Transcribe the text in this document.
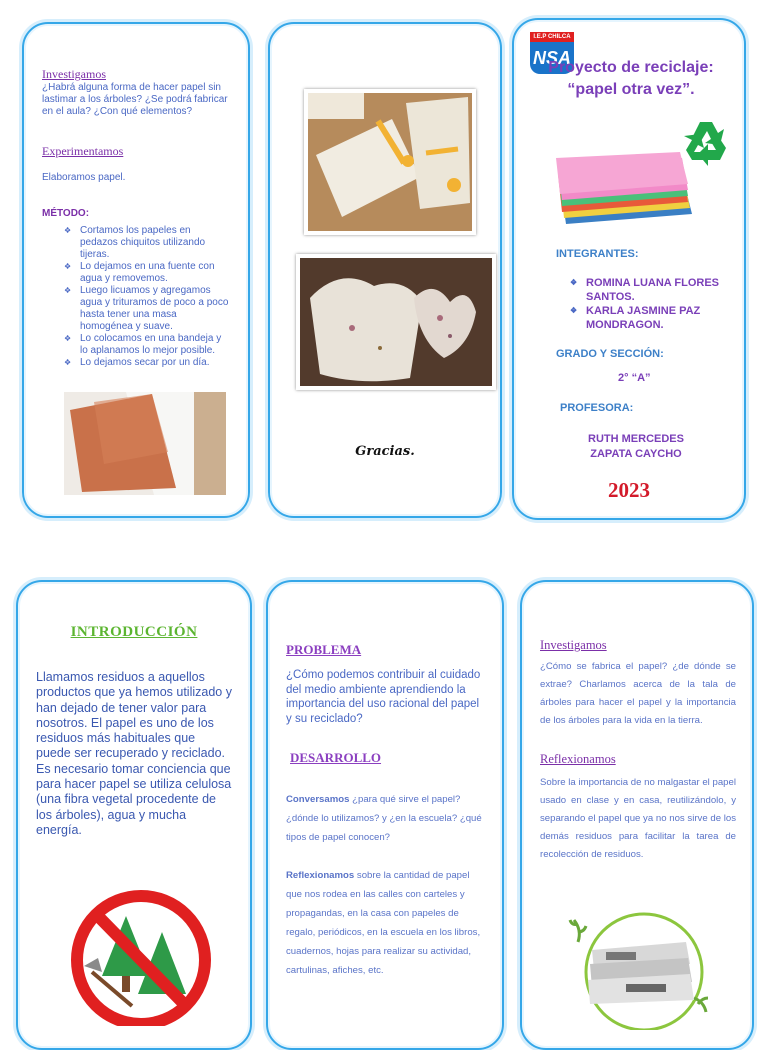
Investigamos
¿Habrá alguna forma de hacer papel sin lastimar a los árboles? ¿Se podrá fabricar en el aula? ¿Con qué elementos?
Experimentamos
Elaboramos papel.
MÉTODO:
❖ Cortamos los papeles en pedazos chiquitos utilizando tijeras.
❖ Lo dejamos en una fuente con agua y removemos.
❖ Luego licuamos y agregamos agua y trituramos de poco a poco hasta tener una masa homogénea y suave.
❖ Lo colocamos en una bandeja y lo aplanamos lo mejor posible.
❖ Lo dejamos secar por un día.
Gracias.
I.E.P CHILCA
NSA
Proyecto de reciclaje: “papel otra vez”.
INTEGRANTES:
❖ ROMINA LUANA FLORES SANTOS.
❖ KARLA JASMINE PAZ MONDRAGON.
GRADO Y SECCIÓN:
2° “A”
PROFESORA:
RUTH MERCEDES ZAPATA CAYCHO
2023
INTRODUCCIÓN
Llamamos residuos a aquellos productos que ya hemos utilizado y han dejado de tener valor para nosotros. El papel es uno de los residuos más habituales que puede ser recuperado y reciclado.
Es necesario tomar conciencia que para hacer papel se utiliza celulosa (una fibra vegetal procedente de los árboles), agua y mucha energía.
PROBLEMA
¿Cómo podemos contribuir al cuidado del medio ambiente aprendiendo la importancia del uso racional del papel y su reciclado?
DESARROLLO
Conversamos ¿para qué sirve el papel? ¿dónde lo utilizamos? y ¿en la escuela? ¿qué tipos de papel conocen?
Reflexionamos sobre la cantidad de papel que nos rodea en las calles con carteles y propagandas, en la casa con papeles de regalo, periódicos, en la escuela en los libros, cuadernos, hojas para realizar su actividad, cartulinas, afiches, etc.
Investigamos
¿Cómo se fabrica el papel? ¿de dónde se extrae? Charlamos acerca de la tala de árboles para hacer el papel y la importancia de los árboles para la vida en la tierra.
Reflexionamos
Sobre la importancia de no malgastar el papel usado en clase y en casa, reutilizándolo, y separando el papel que ya no nos sirve de los demás residuos para facilitar la tarea de recolección de residuos.
